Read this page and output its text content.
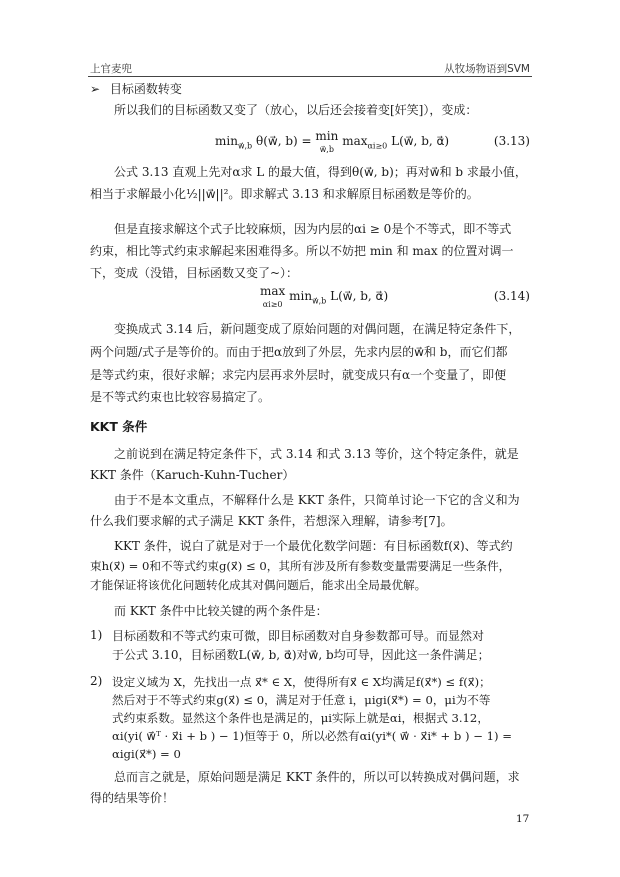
上官麦兜	从牧场物语到SVM
➢ 目标函数转变
所以我们的目标函数又变了（放心，以后还会接着变[奸笑]），变成：
$\min_{w⃗,b}$ θ(w⃗, b) = min
w⃗,b $\max_{\alpha i\ge 0}$ L(w⃗, b, α⃗)	(3.13)
公式 3.13 直观上先对α求 L 的最大值，得到θ(w⃗, b)；再对w⃗和 b 求最小值，
相当于求解最小化½||w⃗||²。即求解式 3.13 和求解原目标函数是等价的。
但是直接求解这个式子比较麻烦，因为内层的αi ≥ 0是个不等式，即不等式
约束，相比等式约束求解起来困难得多。所以不妨把 min 和 max 的位置对调一
下，变成（没错，目标函数又变了~）：
max
αi≥0 $\min_{w⃗,b}$ L(w⃗, b, α⃗)	(3.14)
变换成式 3.14 后，新问题变成了原始问题的对偶问题，在满足特定条件下，
两个问题/式子是等价的。而由于把α放到了外层，先求内层的w⃗和 b，而它们都
是等式约束，很好求解；求完内层再求外层时，就变成只有α一个变量了，即便
是不等式约束也比较容易搞定了。
KKT 条件
之前说到在满足特定条件下，式 3.14 和式 3.13 等价，这个特定条件，就是
KKT 条件（Karuch-Kuhn-Tucher）
由于不是本文重点，不解释什么是 KKT 条件，只简单讨论一下它的含义和为
什么我们要求解的式子满足 KKT 条件，若想深入理解，请参考[7]。
KKT 条件，说白了就是对于一个最优化数学问题：有目标函数f(x⃗)、等式约
束h(x⃗) = 0和不等式约束g(x⃗) ≤ 0，其所有涉及所有参数变量需要满足一些条件，
才能保证将该优化问题转化成其对偶问题后，能求出全局最优解。
而 KKT 条件中比较关键的两个条件是：
1) 目标函数和不等式约束可微，即目标函数对自身参数都可导。而显然对
于公式 3.10，目标函数L(w⃗, b, α⃗)对w⃗, b均可导，因此这一条件满足；
2) 设定义域为 X，先找出一点 x⃗* ∈ X，使得所有x⃗ ∈ X均满足f(x⃗*) ≤ f(x⃗)；
然后对于不等式约束g(x⃗) ≤ 0，满足对于任意 i，μigi(x⃗*) = 0，μi为不等
式约束系数。显然这个条件也是满足的，μi实际上就是αi，根据式 3.12，
αi(yi( w⃗ᵀ · x⃗i + b ) − 1)恒等于 0，所以必然有αi(yi*( w⃗ · x⃗i* + b ) − 1) =
αigi(x⃗*) = 0
总而言之就是，原始问题是满足 KKT 条件的，所以可以转换成对偶问题，求
得的结果等价！
17
